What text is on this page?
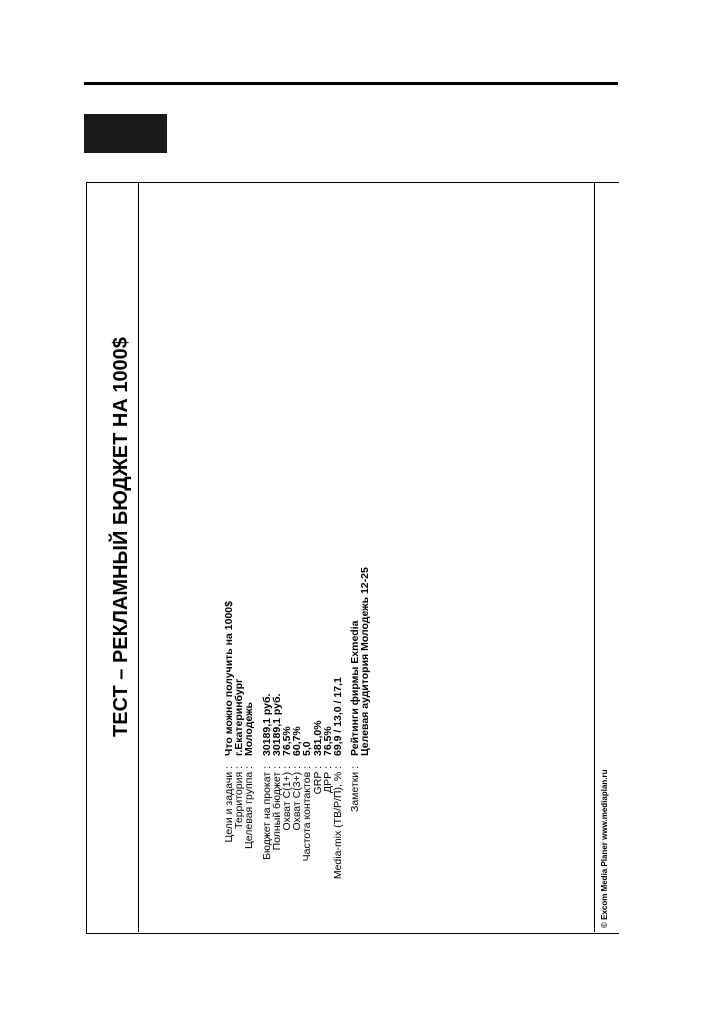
ТЕСТ – РЕКЛАМНЫЙ БЮДЖЕТ НА 1000$
Цели и задачи :
Территория :
Целевая группа : Бюджет на прокат :
Полный бюджет :
Охват C(1+) :
Охват C(3+) :
Частота контактов :
GRP :
ДРР :
Media-mix (ТВ/Р/П), % : Заметки :
Что можно получить на 1000$
г.Екатеринбург
Молодежь 30189,1 руб.
30189,1 руб.
76,5%
60,7%
5,0
381,0%
76,5%
69,9 / 13,0 / 17,1 Рейтинги фирмы Exmedia
Целевая аудитория Молодежь 12-25
© Excom Media Planer www.mediaplan.ru
